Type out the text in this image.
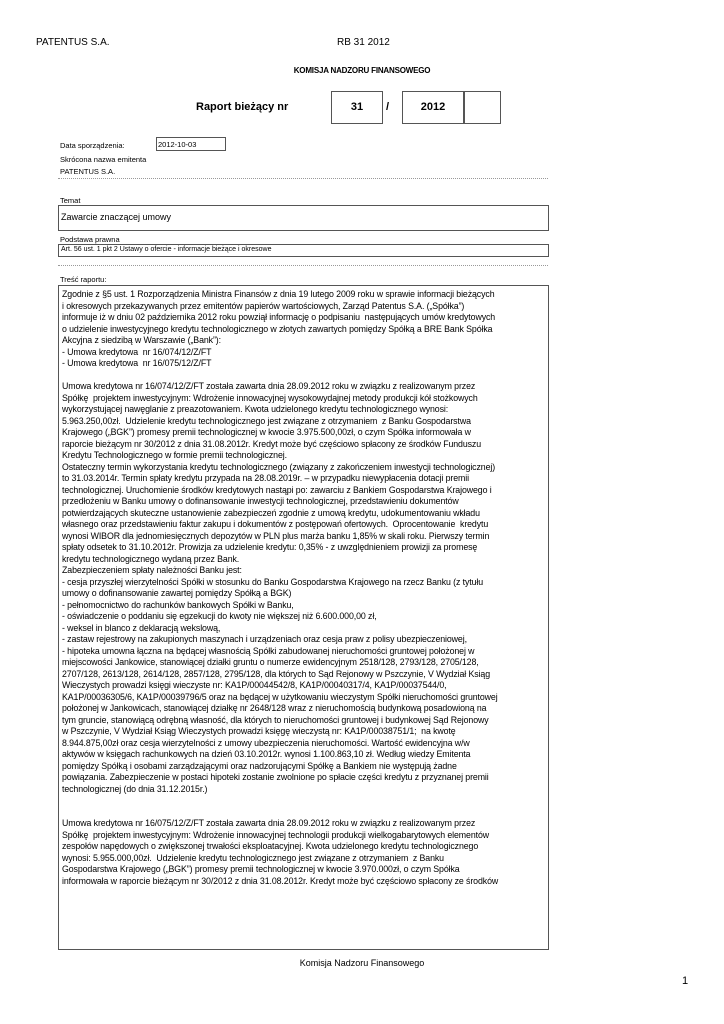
PATENTUS S.A.	RB 31 2012
KOMISJA NADZORU FINANSOWEGO
Raport bieżący nr	31	/	2012
Data sporządzenia:	2012-10-03
Skrócona nazwa emitenta
PATENTUS S.A.
Temat
Zawarcie znaczącej umowy
Podstawa prawna
Art. 56 ust. 1 pkt 2 Ustawy o ofercie - informacje bieżące i okresowe
Treść raportu:
Zgodnie z §5 ust. 1 Rozporządzenia Ministra Finansów z dnia 19 lutego 2009 roku w sprawie informacji bieżących
i okresowych przekazywanych przez emitentów papierów wartościowych, Zarząd Patentus S.A. („Spółka”)
informuje iż w dniu 02 października 2012 roku powziął informację o podpisaniu  następujących umów kredytowych
o udzielenie inwestycyjnego kredytu technologicznego w złotych zawartych pomiędzy Spółką a BRE Bank Spółka
Akcyjna z siedzibą w Warszawie („Bank”):
- Umowa kredytowa  nr 16/074/12/Z/FT
- Umowa kredytowa  nr 16/075/12/Z/FT

Umowa kredytowa nr 16/074/12/Z/FT została zawarta dnia 28.09.2012 roku w związku z realizowanym przez
Spółkę  projektem inwestycyjnym: Wdrożenie innowacyjnej wysokowydajnej metody produkcji kół stożkowych
wykorzystującej nawęglanie z preazotowaniem. Kwota udzielonego kredytu technologicznego wynosi:
5.963.250,00zł.  Udzielenie kredytu technologicznego jest związane z otrzymaniem  z Banku Gospodarstwa
Krajowego („BGK”) promesy premii technologicznej w kwocie 3.975.500,00zł, o czym Spółka informowała w
raporcie bieżącym nr 30/2012 z dnia 31.08.2012r. Kredyt może być częściowo spłacony ze środków Funduszu
Kredytu Technologicznego w formie premii technologicznej.
Ostateczny termin wykorzystania kredytu technologicznego (związany z zakończeniem inwestycji technologicznej)
to 31.03.2014r. Termin spłaty kredytu przypada na 28.08.2019r. – w przypadku niewypłacenia dotacji premii
technologicznej. Uruchomienie środków kredytowych nastąpi po: zawarciu z Bankiem Gospodarstwa Krajowego i
przedłożeniu w Banku umowy o dofinansowanie inwestycji technologicznej, przedstawieniu dokumentów
potwierdzających skuteczne ustanowienie zabezpieczeń zgodnie z umową kredytu, udokumentowaniu wkładu
własnego oraz przedstawieniu faktur zakupu i dokumentów z postępowań ofertowych.  Oprocentowanie  kredytu
wynosi WIBOR dla jednomiesięcznych depozytów w PLN plus marża banku 1,85% w skali roku. Pierwszy termin
spłaty odsetek to 31.10.2012r. Prowizja za udzielenie kredytu: 0,35% - z uwzględnieniem prowizji za promesę
kredytu technologicznego wydaną przez Bank.
Zabezpieczeniem spłaty należności Banku jest:
- cesja przyszłej wierzytelności Spółki w stosunku do Banku Gospodarstwa Krajowego na rzecz Banku (z tytułu
umowy o dofinansowanie zawartej pomiędzy Spółką a BGK)
- pełnomocnictwo do rachunków bankowych Spółki w Banku,
- oświadczenie o poddaniu się egzekucji do kwoty nie większej niż 6.600.000,00 zł,
- weksel in blanco z deklaracją wekslową,
- zastaw rejestrowy na zakupionych maszynach i urządzeniach oraz cesja praw z polisy ubezpieczeniowej,
- hipoteka umowna łączna na będącej własnością Spółki zabudowanej nieruchomości gruntowej położonej w
miejscowości Jankowice, stanowiącej działki gruntu o numerze ewidencyjnym 2518/128, 2793/128, 2705/128,
2707/128, 2613/128, 2614/128, 2857/128, 2795/128, dla których to Sąd Rejonowy w Pszczynie, V Wydział Ksiąg
Wieczystych prowadzi księgi wieczyste nr: KA1P/00044542/8, KA1P/00040317/4, KA1P/00037544/0,
KA1P/00036305/6, KA1P/00039796/5 oraz na będącej w użytkowaniu wieczystym Spółki nieruchomości gruntowej
położonej w Jankowicach, stanowiącej działkę nr 2648/128 wraz z nieruchomością budynkową posadowioną na
tym gruncie, stanowiącą odrębną własność, dla których to nieruchomości gruntowej i budynkowej Sąd Rejonowy
w Pszczynie, V Wydział Ksiąg Wieczystych prowadzi księgę wieczystą nr: KA1P/00038751/1;  na kwotę
8.944.875,00zł oraz cesja wierzytelności z umowy ubezpieczenia nieruchomości. Wartość ewidencyjna w/w
aktywów w księgach rachunkowych na dzień 03.10.2012r. wynosi 1.100.863,10 zł. Według wiedzy Emitenta
pomiędzy Spółką i osobami zarządzającymi oraz nadzorującymi Spółkę a Bankiem nie występują żadne
powiązania. Zabezpieczenie w postaci hipoteki zostanie zwolnione po spłacie części kredytu z przyznanej premii
technologicznej (do dnia 31.12.2015r.)

Umowa kredytowa nr 16/075/12/Z/FT została zawarta dnia 28.09.2012 roku w związku z realizowanym przez
Spółkę  projektem inwestycyjnym: Wdrożenie innowacyjnej technologii produkcji wielkogabarytowych elementów
zespołów napędowych o zwiększonej trwałości eksploatacyjnej. Kwota udzielonego kredytu technologicznego
wynosi: 5.955.000,00zł.  Udzielenie kredytu technologicznego jest związane z otrzymaniem  z Banku
Gospodarstwa Krajowego („BGK”) promesy premii technologicznej w kwocie 3.970.000zł, o czym Spółka
informowała w raporcie bieżącym nr 30/2012 z dnia 31.08.2012r. Kredyt może być częściowo spłacony ze środków
Komisja Nadzoru Finansowego
1
